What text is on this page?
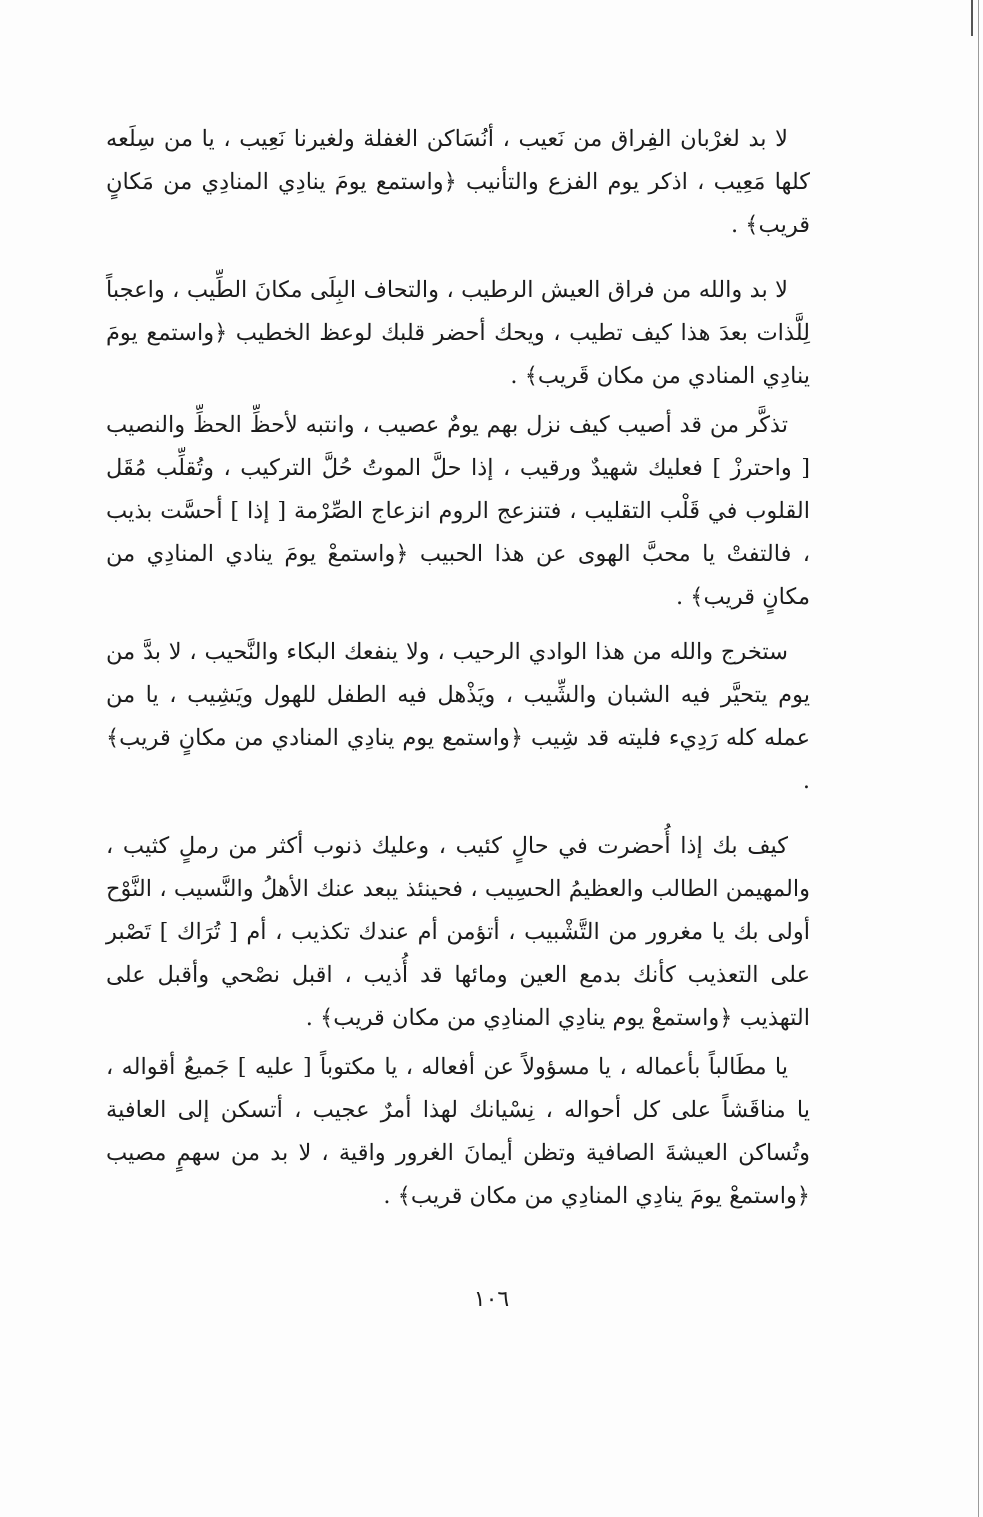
لا بد لغرْبان الفِراق من نَعيب ، أنُسَاكن الغفلة ولغيرنا نَعِيب ، يا من سِلَعه كلها مَعِيب ، اذكر يوم الفزع والتأنيب ﴿واستمع يومَ ينادِي المنادِي من مَكانٍ قريب﴾ .

لا بد والله من فراق العيش الرطيب ، والتحاف البِلَى مكانَ الطِّيب ، واعجباً لِلَّذات بعدَ هذا كيف تطيب ، ويحك أحضر قلبك لوعظ الخطيب ﴿واستمع يومَ ينادِي المنادي من مكان قَريب﴾ .

تذكَّر من قد أصيب كيف نزل بهم يومٌ عصيب ، وانتبه لأحظِّ الحظِّ والنصيب [ واحترزْ ] فعليك شهيدٌ ورقيب ، إذا حلَّ الموتُ حُلَّ التركيب ، وتُقلِّب مُقَل القلوب في قَلْب التقليب ، فتنزعج الروم انزعاج الصِّرْمة [ إذا ] أحسَّت بذيب ، فالتفتْ يا محبَّ الهوى عن هذا الحبيب ﴿واستمعْ يومَ ينادي المنادِي من مكانٍ قريب﴾ .

ستخرج والله من هذا الوادي الرحيب ، ولا ينفعك البكاء والنَّحيب ، لا بدَّ من يوم يتحيَّر فيه الشبان والشِّيب ، ويَذْهل فيه الطفل للهول ويَشِيب ، يا من عمله كله رَدِيء فليته قد شِيب ﴿واستمع يوم ينادِي المنادي من مكانٍ قريب﴾ .

كيف بك إذا أُحضرت في حالٍ كئيب ، وعليك ذنوب أكثر من رملٍ كثيب ، والمهيمن الطالب والعظيمُ الحسِيب ، فحينئذ يبعد عنك الأهلُ والنَّسيب ، النَّوْح أولى بك يا مغرور من التَّشْبيب ، أتؤمن أم عندك تكذيب ، أم [ تُرَاك ] تَصْبر على التعذيب كأنك بدمع العين ومائها قد أُذيب ، اقبل نصْحي وأقبل على التهذيب ﴿واستمعْ يوم ينادِي المنادِي من مكان قريب﴾ .

يا مطَالباً بأعماله ، يا مسؤولاً عن أفعاله ، يا مكتوباً [ عليه ] جَميعُ أقواله ، يا مناقَشاً على كل أحواله ، نِسْيانك لهذا أمرٌ عجيب ، أتسكن إلى العافية وتُساكن العيشةَ الصافية وتظن أيمانَ الغرور واقية ، لا بد من سهمٍ مصيب ﴿واستمعْ يومَ ينادِي المنادِي من مكان قريب﴾ .

١٠٦
